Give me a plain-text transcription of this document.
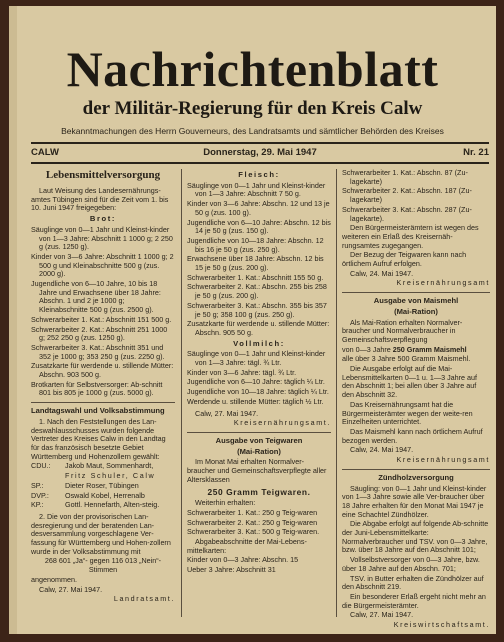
Nachrichtenblatt
der Militär-Regierung für den Kreis Calw
Bekanntmachungen des Herrn Gouverneurs, des Landratsamts und sämtlicher Behörden des Kreises
CALW	Donnerstag, 29. Mai 1947	Nr. 21

Lebensmittelversorgung

Laut Weisung des Landesernährungs-amtes Tübingen sind für die Zeit vom 1. bis 10. Juni 1947 freigegeben:

Brot:

Säuglinge von 0—1 Jahr und Kleinst-kinder von 1—3 Jahre: Abschnitt 1 1000 g; 2 250 g (zus. 1250 g).

Kinder von 3—6 Jahre: Abschnitt 1 1000 g; 2 500 g und Kleinabschnitte 500 g (zus. 2000 g).

Jugendliche von 6—10 Jahre, 10 bis 18 Jahre und Erwachsene über 18 Jahre: Abschn. 1 und 2 je 1000 g; Kleinabschnitte 500 g (zus. 2500 g).

Schwerarbeiter 1. Kat.: Abschnitt 151 500 g.

Schwerarbeiter 2. Kat.: Abschnitt 251 1000 g; 252 250 g (zus. 1250 g).

Schwerarbeiter 3. Kat.: Abschnitt 351 und 352 je 1000 g; 353 250 g (zus. 2250 g).

Zusatzkarte für werdende u. stillende Mütter: Abschn. 903 500 g.

Brotkarten für Selbstversorger: Ab-schnitt 801 bis 805 je 1000 g (zus. 5000 g).

Landtagswahl und Volksabstimmung

1. Nach den Feststellungen des Lan-deswahlausschusses wurden folgende Vertreter des Kreises Calw in den Landtag für das französisch besetzte Gebiet Württemberg und Hohenzollern gewählt:

CDU.: Jakob Maut, Sommenhardt,

Fritz Schuler, Calw

SP.:	Dieter Roser, Tübingen

DVP.: Oswald Kobel, Herrenalb

KP.:	Gottl. Hennefarth, Alten-steig.

2. Die von der provisorischen Lan-desregierung und der beratenden Lan-desversammlung vorgeschlagene Ver-fassung für Württemberg und Hohen-zollern wurde in der Volksabstimmung mit

268 601 „Ja“- gegen 116 013 „Nein“-Stimmen

angenommen.

Calw, 27. Mai 1947.

Landratsamt.

Fleisch:

Säuglinge von 0—1 Jahr und Kleinst-kinder von 1—3 Jahre: Abschnitt 7 50 g.

Kinder von 3—6 Jahre: Abschn. 12 und 13 je 50 g (zus. 100 g).

Jugendliche von 6—10 Jahre: Abschn. 12 bis 14 je 50 g (zus. 150 g).

Jugendliche von 10—18 Jahre: Abschn. 12 bis 16 je 50 g (zus. 250 g).

Erwachsene über 18 Jahre: Abschn. 12 bis 15 je 50 g (zus. 200 g).

Schwerarbeiter 1. Kat.: Abschnitt 155 50 g.

Schwerarbeiter 2. Kat.: Abschn. 255 bis 258 je 50 g (zus. 200 g).

Schwerarbeiter 3. Kat.: Abschn. 355 bis 357 je 50 g; 358 100 g (zus. 250 g).

Zusatzkarte für werdende u. stillende Mütter: Abschn. 905 50 g.

Vollmilch:

Säuglinge von 0—1 Jahr und Kleinst-kinder von 1—3 Jahre: tägl. ¾ Ltr.

Kinder von 3—6 Jahre: tägl. ¾ Ltr.

Jugendliche von 6—10 Jahre: täglich ¼ Ltr.

Jugendliche von 10—18 Jahre: täglich ¼ Ltr.

Werdende u. stillende Mütter: täglich ½ Ltr.

Calw, 27. Mai 1947.

Kreisernährungsamt.

Ausgabe von Teigwaren

(Mai-Ration)

Im Monat Mai erhalten Normalver-braucher und Gemeinschaftsverpflegte aller Altersklassen

250 Gramm Teigwaren.

Weiterhin erhalten:

Schwerarbeiter 1. Kat.: 250 g Teig-waren

Schwerarbeiter 2. Kat.: 250 g Teig-waren

Schwerarbeiter 3. Kat.: 500 g Teig-waren.

Abgabeabschnitte der Mai-Lebens-mittelkarten:

Kinder von 0—3 Jahre: Abschn. 15

Ueber 3 Jahre: Abschnitt 31

Schwerarbeiter 1. Kat.: Abschn. 87 (Zu-lagekarte)

Schwerarbeiter 2. Kat.: Abschn. 187 (Zu-lagekarte)

Schwerarbeiter 3. Kat.: Abschn. 287 (Zu-lagekarte).

Den Bürgermeisterämtern ist wegen des weiteren ein Erlaß des Kreisernäh-rungsamtes zugegangen.

Der Bezug der Teigwaren kann nach örtlichem Aufruf erfolgen.

Calw, 24. Mai 1947.

Kreisernährungsamt

Ausgabe von Maismehl

(Mai-Ration)

Als Mai-Ration erhalten Normalver-braucher und Normalverbraucher in Gemeinschaftsverpflegung

von 0—3 Jahre 250 Gramm Maismehl

alle über 3 Jahre 500 Gramm Maismehl.

Die Ausgabe erfolgt auf die Mai-Lebensmittelkarten 0—1 u. 1—3 Jahre auf den Abschnitt 1; bei allen über 3 Jahre auf den Abschnitt 32.

Das Kreisernährungsamt hat die Bürgermeisterämter wegen der weite-ren Einzelheiten unterrichtet.

Das Maismehl kann nach örtlichem Aufruf bezogen werden.

Calw, 24. Mai 1947.

Kreisernährungsamt

Zündholzversorgung

Säugling: von 0—1 Jahr und Kleinst-kinder von 1—3 Jahre sowie alle Ver-braucher über 18 Jahre erhalten für den Monat Mai 1947 je eine Schachtel Zündhölzer.

Die Abgabe erfolgt auf folgende Ab-schnitte der Juni-Lebensmittelkarte: Normalverbraucher und TSV. von 0—3 Jahre, bzw. über 18 Jahre auf den Abschnitt 101;

Vollselbstversorger von 0—3 Jahre, bzw. über 18 Jahre auf den Abschn. 701;

TSV. in Butter erhalten die Zündhölzer auf den Abschnitt 219.

Ein besonderer Erlaß ergeht nicht mehr an die Bürgermeisterämter.

Calw, 27. Mai 1947.

Kreiswirtschaftsamt.
